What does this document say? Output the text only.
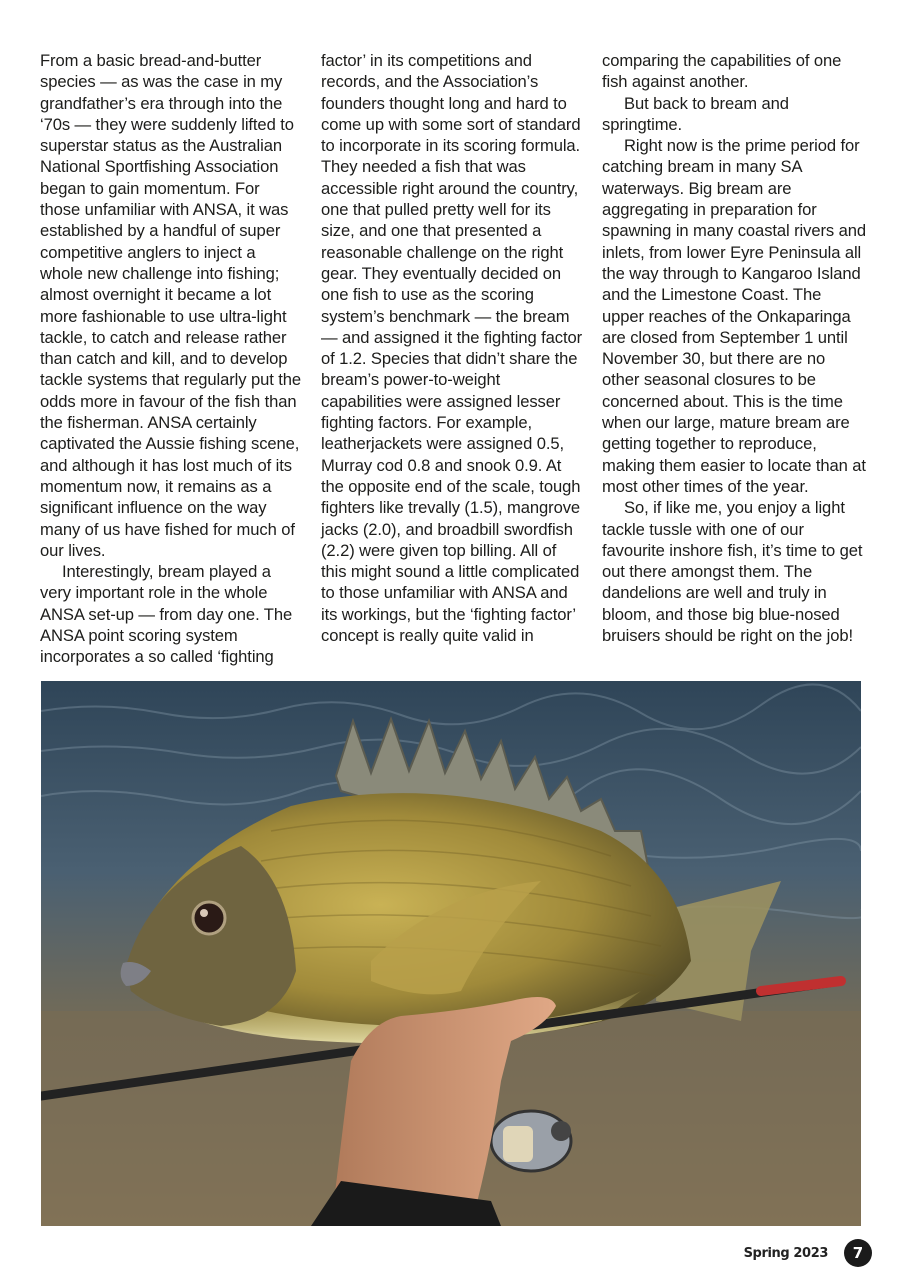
From a basic bread-and-butter species — as was the case in my grandfather’s era through into the ‘70s — they were suddenly lifted to superstar status as the Australian National Sportfishing Association began to gain momentum. For those unfamiliar with ANSA, it was established by a handful of super competitive anglers to inject a whole new challenge into fishing; almost overnight it became a lot more fashionable to use ultra-light tackle, to catch and release rather than catch and kill, and to develop tackle systems that regularly put the odds more in favour of the fish than the fisherman. ANSA certainly captivated the Aussie fishing scene, and although it has lost much of its momentum now, it remains as a significant influence on the way many of us have fished for much of our lives.

Interestingly, bream played a very important role in the whole ANSA set-up — from day one. The ANSA point scoring system incorporates a so called ‘fighting

factor’ in its competitions and records, and the Association’s founders thought long and hard to come up with some sort of standard to incorporate in its scoring formula. They needed a fish that was accessible right around the country, one that pulled pretty well for its size, and one that presented a reasonable challenge on the right gear. They eventually decided on one fish to use as the scoring system’s benchmark — the bream — and assigned it the fighting factor of 1.2. Species that didn’t share the bream’s power-to-weight capabilities were assigned lesser fighting factors. For example, leatherjackets were assigned 0.5, Murray cod 0.8 and snook 0.9. At the opposite end of the scale, tough fighters like trevally (1.5), mangrove jacks (2.0), and broadbill swordfish (2.2) were given top billing. All of this might sound a little complicated to those unfamiliar with ANSA and its workings, but the ‘fighting factor’ concept is really quite valid in

comparing the capabilities of one fish against another.

But back to bream and springtime.

Right now is the prime period for catching bream in many SA waterways. Big bream are aggregating in preparation for spawning in many coastal rivers and inlets, from lower Eyre Peninsula all the way through to Kangaroo Island and the Limestone Coast. The upper reaches of the Onkaparinga are closed from September 1 until November 30, but there are no other seasonal closures to be concerned about. This is the time when our large, mature bream are getting together to reproduce, making them easier to locate than at most other times of the year.

So, if like me, you enjoy a light tackle tussle with one of our favourite inshore fish, it’s time to get out there amongst them. The dandelions are well and truly in bloom, and those big blue-nosed bruisers should be right on the job!

Spring 2023	7
